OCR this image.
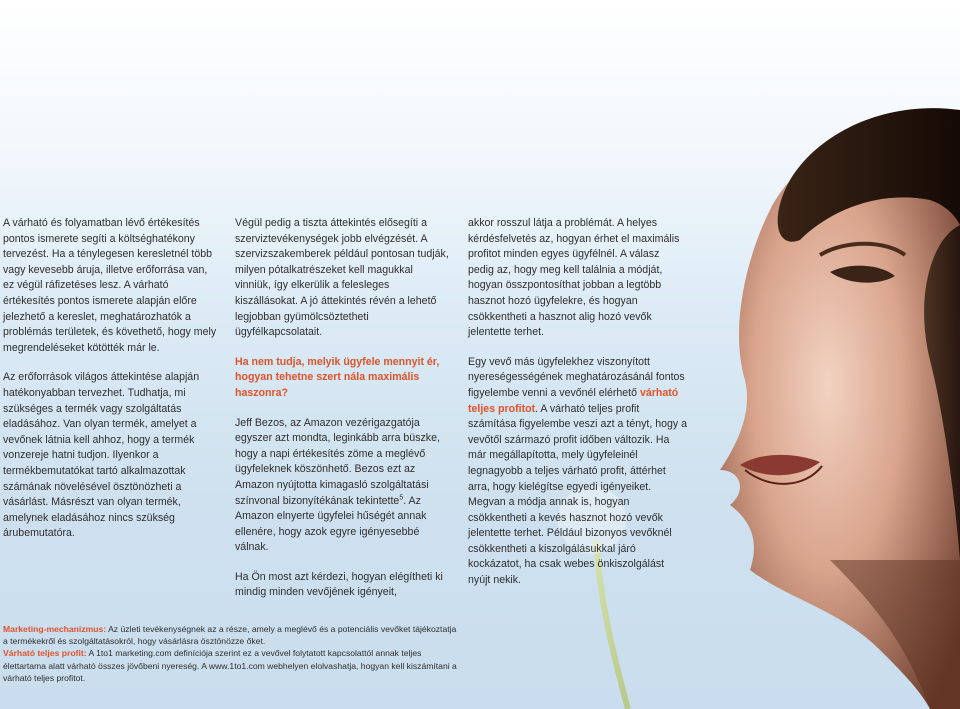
A várható és folyamatban lévő értékesítés pontos ismerete segíti a költséghatékony tervezést. Ha a ténylegesen keresletnél több vagy kevesebb áruja, illetve erőforrása van, ez végül ráfizetéses lesz. A várható értékesítés pontos ismerete alapján előre jelezhető a kereslet, meghatározhatók a problémás területek, és követhető, hogy mely megrendeléseket kötötték már le.

Az erőforrások világos áttekintése alapján hatékonyabban tervezhet. Tudhatja, mi szükséges a termék vagy szolgáltatás eladásához. Van olyan termék, amelyet a vevőnek látnia kell ahhoz, hogy a termék vonzereje hatni tudjon. Ilyenkor a termékbemutatókat tartó alkalmazottak számának növelésével ösztönözheti a vásárlást. Másrészt van olyan termék, amelynek eladásához nincs szükség árubemutatóra.

Végül pedig a tiszta áttekintés elősegíti a szerviztevékenységek jobb elvégzését. A szervizszakemberek például pontosan tudják, milyen pótalkatrészeket kell magukkal vinniük, így elkerülik a felesleges kiszállásokat. A jó áttekintés révén a lehető legjobban gyümölcsöztetheti ügyfélkapcsolatait.

Ha nem tudja, melyik ügyfele mennyit ér, hogyan tehetne szert nála maximális haszonra?

Jeff Bezos, az Amazon vezérigazgatója egyszer azt mondta, leginkább arra büszke, hogy a napi értékesítés zöme a meglévő ügyfeleknek köszönhető. Bezos ezt az Amazon nyújtotta kimagasló szolgáltatási színvonal bizonyítékának tekintette$^5$. Az Amazon elnyerte ügyfelei hűségét annak ellenére, hogy azok egyre igényesebbé válnak.

Ha Ön most azt kérdezi, hogyan elégítheti ki mindig minden vevőjének igényeit,

akkor rosszul látja a problémát. A helyes kérdésfelvetés az, hogyan érhet el maximális profitot minden egyes ügyfélnél. A válasz pedig az, hogy meg kell találnia a módját, hogyan összpontosíthat jobban a legtöbb hasznot hozó ügyfelekre, és hogyan csökkentheti a hasznot alig hozó vevők jelentette terhet.

Egy vevő más ügyfelekhez viszonyított nyereségességének meghatározásánál fontos figyelembe venni a vevőnél elérhető várható teljes profitot. A várható teljes profit számítása figyelembe veszi azt a tényt, hogy a vevőtől származó profit időben változik. Ha már megállapította, mely ügyfeleinél legnagyobb a teljes várható profit, áttérhet arra, hogy kielégítse egyedi igényeiket. Megvan a módja annak is, hogyan csökkentheti a kevés hasznot hozó vevők jelentette terhet. Például bizonyos vevőknél csökkentheti a kiszolgálásukkal járó kockázatot, ha csak webes önkiszolgálást nyújt nekik.

Marketing-mechanizmus: Az üzleti tevékenységnek az a része, amely a meglévő és a potenciális vevőket tájékoztatja a termékekről és szolgáltatásokról, hogy vásárlásra ösztönözze őket.

Várható teljes profit: A 1to1 marketing.com definíciója szerint ez a vevővel folytatott kapcsolattól annak teljes élettartama alatt várható összes jövőbeni nyereség. A www.1to1.com webhelyen elolvashatja, hogyan kell kiszámítani a várható teljes profitot.
